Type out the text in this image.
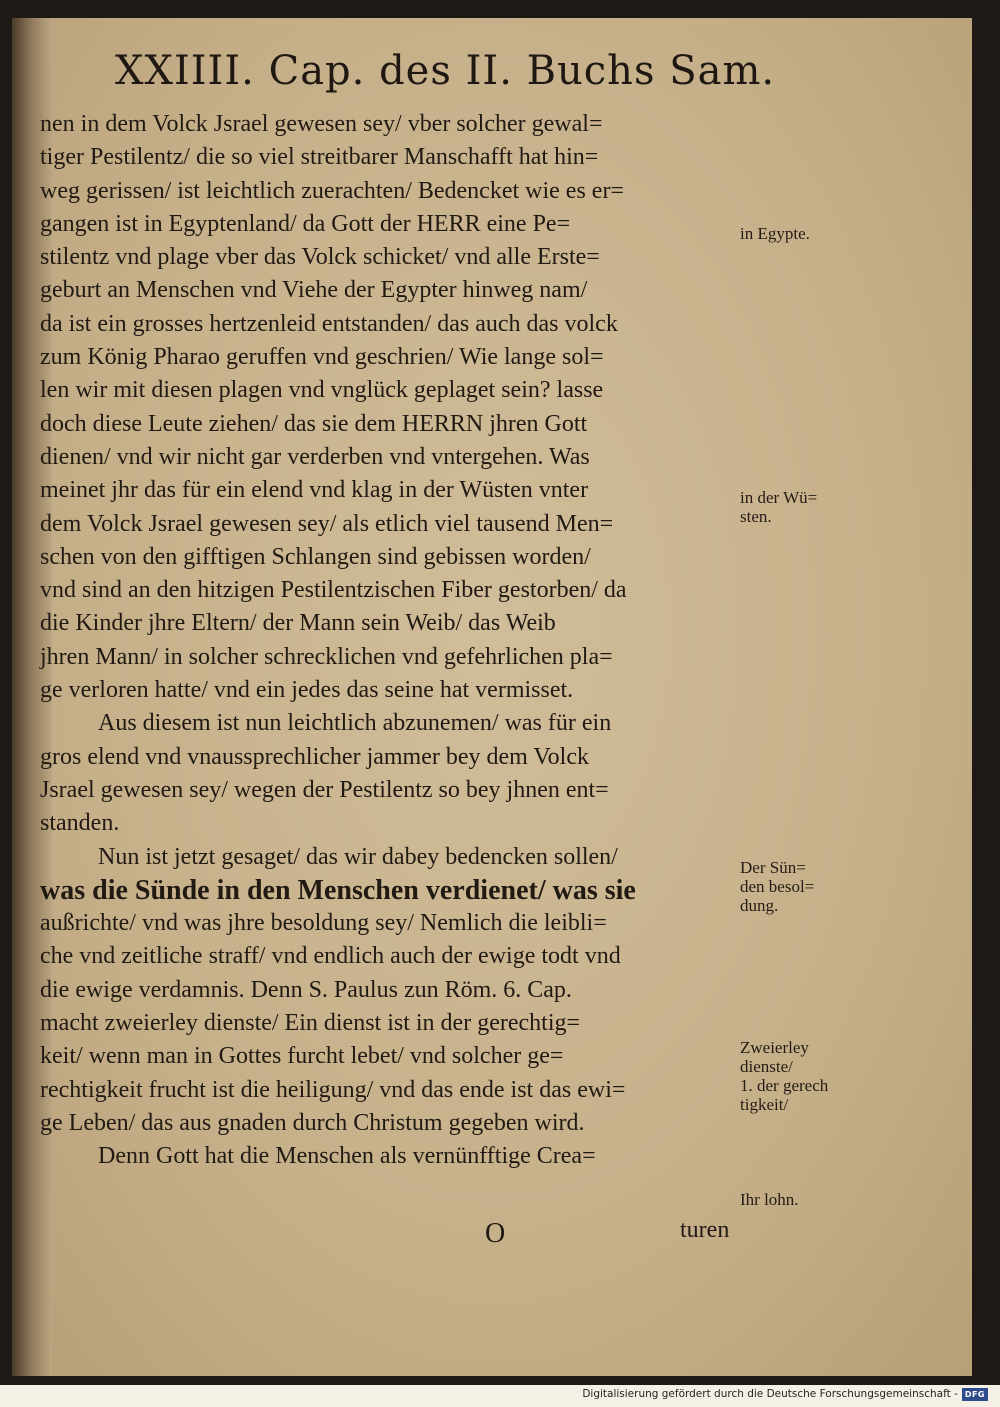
XXIIII. Cap. des II. Buchs Sam.
nen in dem Volck Jsrael gewesen sey/ vber solcher gewal=
tiger Pestilentz/ die so viel streitbarer Manschafft hat hin=
weg gerissen/ ist leichtlich zuerachten/ Bedencket wie es er=
gangen ist in Egyptenland/ da Gott der HERR eine Pe=
stilentz vnd plage vber das Volck schicket/ vnd alle Erste=
geburt an Menschen vnd Viehe der Egypter hinweg nam/
da ist ein grosses hertzenleid entstanden/ das auch das volck
zum König Pharao geruffen vnd geschrien/ Wie lange sol=
len wir mit diesen plagen vnd vnglück geplaget sein? lasse
doch diese Leute ziehen/ das sie dem HERRN jhren Gott
dienen/ vnd wir nicht gar verderben vnd vntergehen. Was
meinet jhr das für ein elend vnd klag in der Wüsten vnter
dem Volck Jsrael gewesen sey/ als etlich viel tausend Men=
schen von den gifftigen Schlangen sind gebissen worden/
vnd sind an den hitzigen Pestilentzischen Fiber gestorben/ da
die Kinder jhre Eltern/ der Mann sein Weib/ das Weib
jhren Mann/ in solcher schrecklichen vnd gefehrlichen pla=
ge verloren hatte/ vnd ein jedes das seine hat vermisset.
Aus diesem ist nun leichtlich abzunemen/ was für ein
gros elend vnd vnaussprechlicher jammer bey dem Volck
Jsrael gewesen sey/ wegen der Pestilentz so bey jhnen ent=
standen.
Nun ist jetzt gesaget/ das wir dabey bedencken sollen/
was die Sünde in den Menschen verdienet/ was sie
außrichte/ vnd was jhre besoldung sey/ Nemlich die leibli=
che vnd zeitliche straff/ vnd endlich auch der ewige todt vnd
die ewige verdamnis. Denn S. Paulus zun Röm. 6. Cap.
macht zweierley dienste/ Ein dienst ist in der gerechtig=
keit/ wenn man in Gottes furcht lebet/ vnd solcher ge=
rechtigkeit frucht ist die heiligung/ vnd das ende ist das ewi=
ge Leben/ das aus gnaden durch Christum gegeben wird.
Denn Gott hat die Menschen als vernünfftige Crea=
in Egypte.
in der Wü=
sten.
Der Sün=
den besol=
dung.
Zweierley
dienste/
1. der gerech
tigkeit/
Ihr lohn.
O	turen
Digitalisierung gefördert durch die Deutsche Forschungsgemeinschaft - DFG
